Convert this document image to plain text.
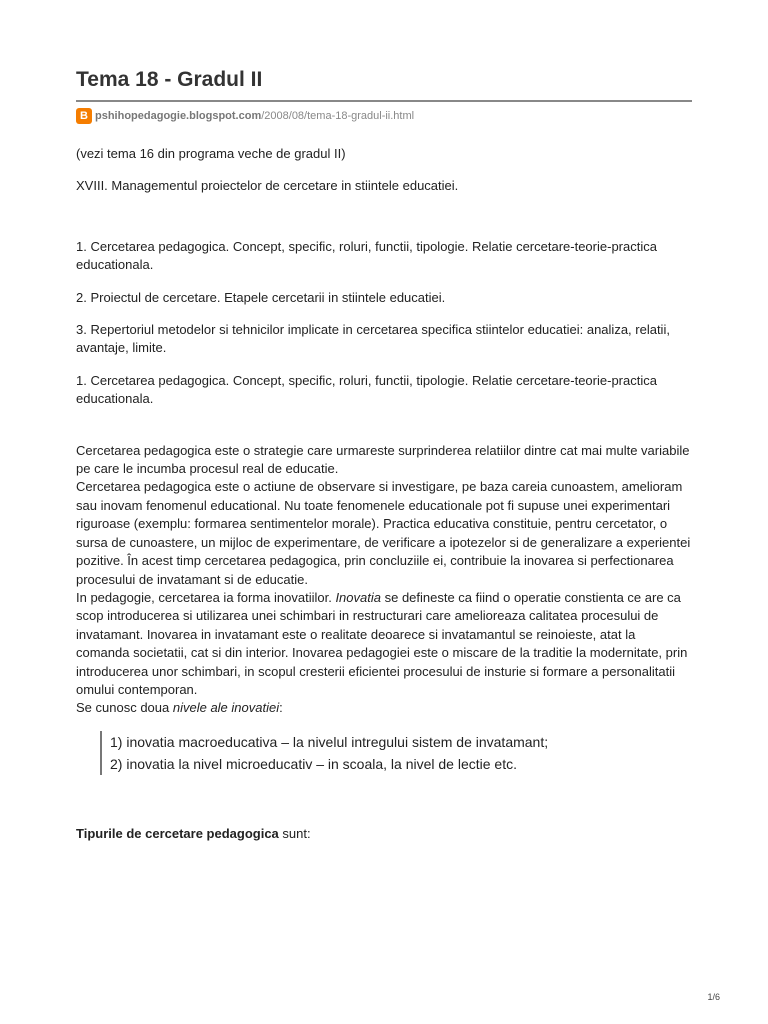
Tema 18 - Gradul II
B pshihopedagogie.blogspot.com/2008/08/tema-18-gradul-ii.html

(vezi tema 16 din programa veche de gradul II)

XVIII. Managementul proiectelor de cercetare in stiintele educatiei.

1. Cercetarea pedagogica. Concept, specific, roluri, functii, tipologie. Relatie cercetare-teorie-practica educationala.

2. Proiectul de cercetare. Etapele cercetarii in stiintele educatiei.

3. Repertoriul metodelor si tehnicilor implicate in cercetarea specifica stiintelor educatiei: analiza, relatii, avantaje, limite.

1. Cercetarea pedagogica. Concept, specific, roluri, functii, tipologie. Relatie cercetare-teorie-practica educationala.

Cercetarea pedagogica este o strategie care urmareste surprinderea relatiilor dintre cat mai multe variabile pe care le incumba procesul real de educatie.

Cercetarea pedagogica este o actiune de observare si investigare, pe baza careia cunoastem, amelioram sau inovam fenomenul educational. Nu toate fenomenele educationale pot fi supuse unei experimentari riguroase (exemplu: formarea sentimentelor morale). Practica educativa constituie, pentru cercetator, o sursa de cunoastere, un mijloc de experimentare, de verificare a ipotezelor si de generalizare a experientei pozitive. În acest timp cercetarea pedagogica, prin concluziile ei, contribuie la inovarea si perfectionarea procesului de invatamant si de educatie.

In pedagogie, cercetarea ia forma inovatiilor. Inovatia se defineste ca fiind o operatie constienta ce are ca scop introducerea si utilizarea unei schimbari in restructurari care amelioreaza calitatea procesului de invatamant. Inovarea in invatamant este o realitate deoarece si invatamantul se reinoieste, atat la comanda societatii, cat si din interior. Inovarea pedagogiei este o miscare de la traditie la modernitate, prin introducerea unor schimbari, in scopul cresterii eficientei procesului de insturie si formare a personalitatii omului contemporan.

Se cunosc doua nivele ale inovatiei:

1) inovatia macroeducativa – la nivelul intregului sistem de invatamant;
2) inovatia la nivel microeducativ – in scoala, la nivel de lectie etc.

Tipurile de cercetare pedagogica sunt:

1/6
